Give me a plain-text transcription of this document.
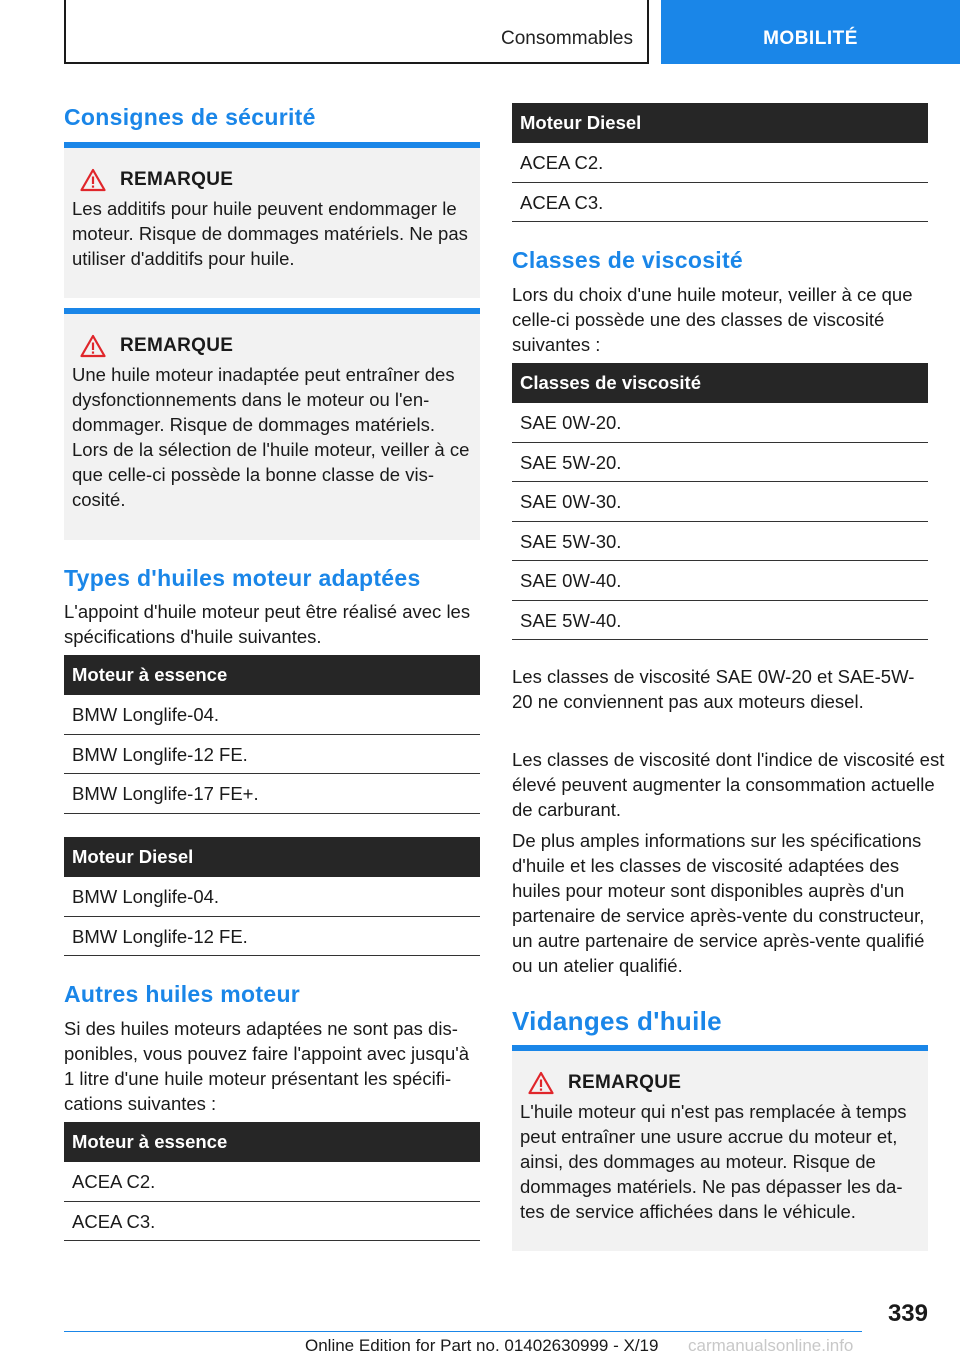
Consommables	MOBILITÉ
Consignes de sécurité
REMARQUE
Les additifs pour huile peuvent endommager le moteur. Risque de dommages matériels. Ne pas utiliser d'additifs pour huile.
REMARQUE
Une huile moteur inadaptée peut entraîner des dysfonctionnements dans le moteur ou l'endommager. Risque de dommages matériels. Lors de la sélection de l'huile moteur, veiller à ce que celle-ci possède la bonne classe de viscosité.
Types d'huiles moteur adaptées

L'appoint d'huile moteur peut être réalisé avec les spécifications d'huile suivantes.

Moteur à essence
BMW Longlife-04.
BMW Longlife-12 FE.
BMW Longlife-17 FE+.
Moteur Diesel
BMW Longlife-04.
BMW Longlife-12 FE.
Autres huiles moteur

Si des huiles moteurs adaptées ne sont pas disponibles, vous pouvez faire l'appoint avec jusqu'à 1 litre d'une huile moteur présentant les spécifications suivantes :

Moteur à essence
ACEA C2.
ACEA C3.
Moteur Diesel
ACEA C2.
ACEA C3.
Classes de viscosité

Lors du choix d'une huile moteur, veiller à ce que celle-ci possède une des classes de viscosité suivantes :

Classes de viscosité
SAE 0W-20.
SAE 5W-20.
SAE 0W-30.
SAE 5W-30.
SAE 0W-40.
SAE 5W-40.

Les classes de viscosité SAE 0W-20 et SAE-5W-20 ne conviennent pas aux moteurs diesel.

Les classes de viscosité dont l'indice de viscosité est élevé peuvent augmenter la consommation actuelle de carburant.

De plus amples informations sur les spécifications d'huile et les classes de viscosité adaptées des huiles pour moteur sont disponibles auprès d'un partenaire de service après-vente du constructeur, un autre partenaire de service après-vente qualifié ou un atelier qualifié.

Vidanges d'huile
REMARQUE
L'huile moteur qui n'est pas remplacée à temps peut entraîner une usure accrue du moteur et, ainsi, des dommages au moteur. Risque de dommages matériels. Ne pas dépasser les dates de service affichées dans le véhicule.
339
Online Edition for Part no. 01402630999 - X/19 carmanualsonline.info
